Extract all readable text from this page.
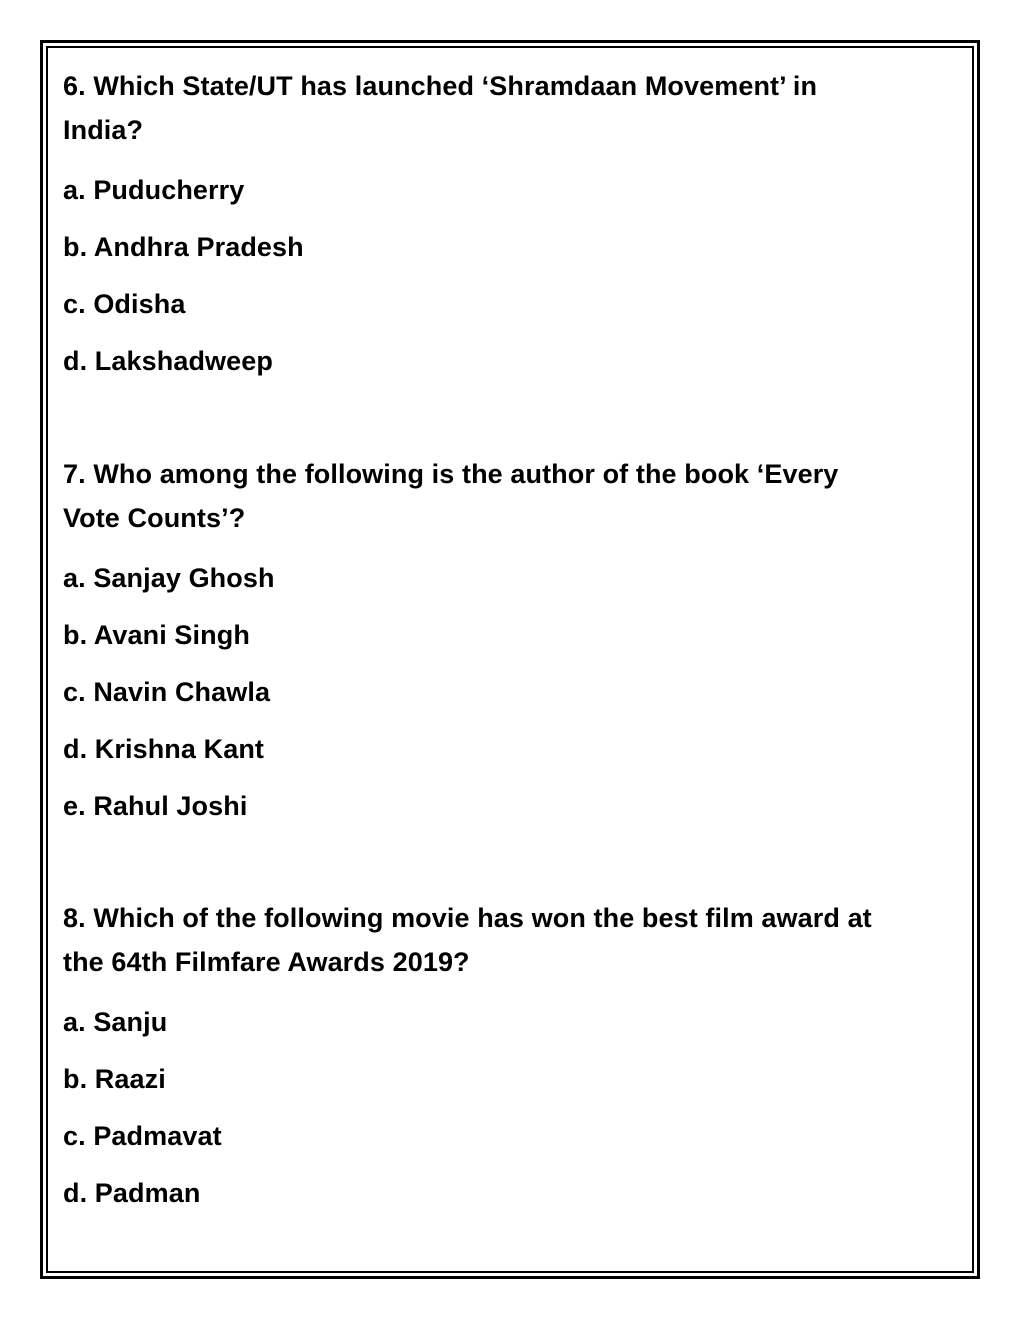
6. Which State/UT has launched ‘Shramdaan Movement’ in
India?
a. Puducherry
b. Andhra Pradesh
c. Odisha
d. Lakshadweep
7. Who among the following is the author of the book ‘Every
Vote Counts’?
a. Sanjay Ghosh
b. Avani Singh
c. Navin Chawla
d. Krishna Kant
e. Rahul Joshi
8. Which of the following movie has won the best film award at
the 64th Filmfare Awards 2019?
a. Sanju
b. Raazi
c. Padmavat
d. Padman
